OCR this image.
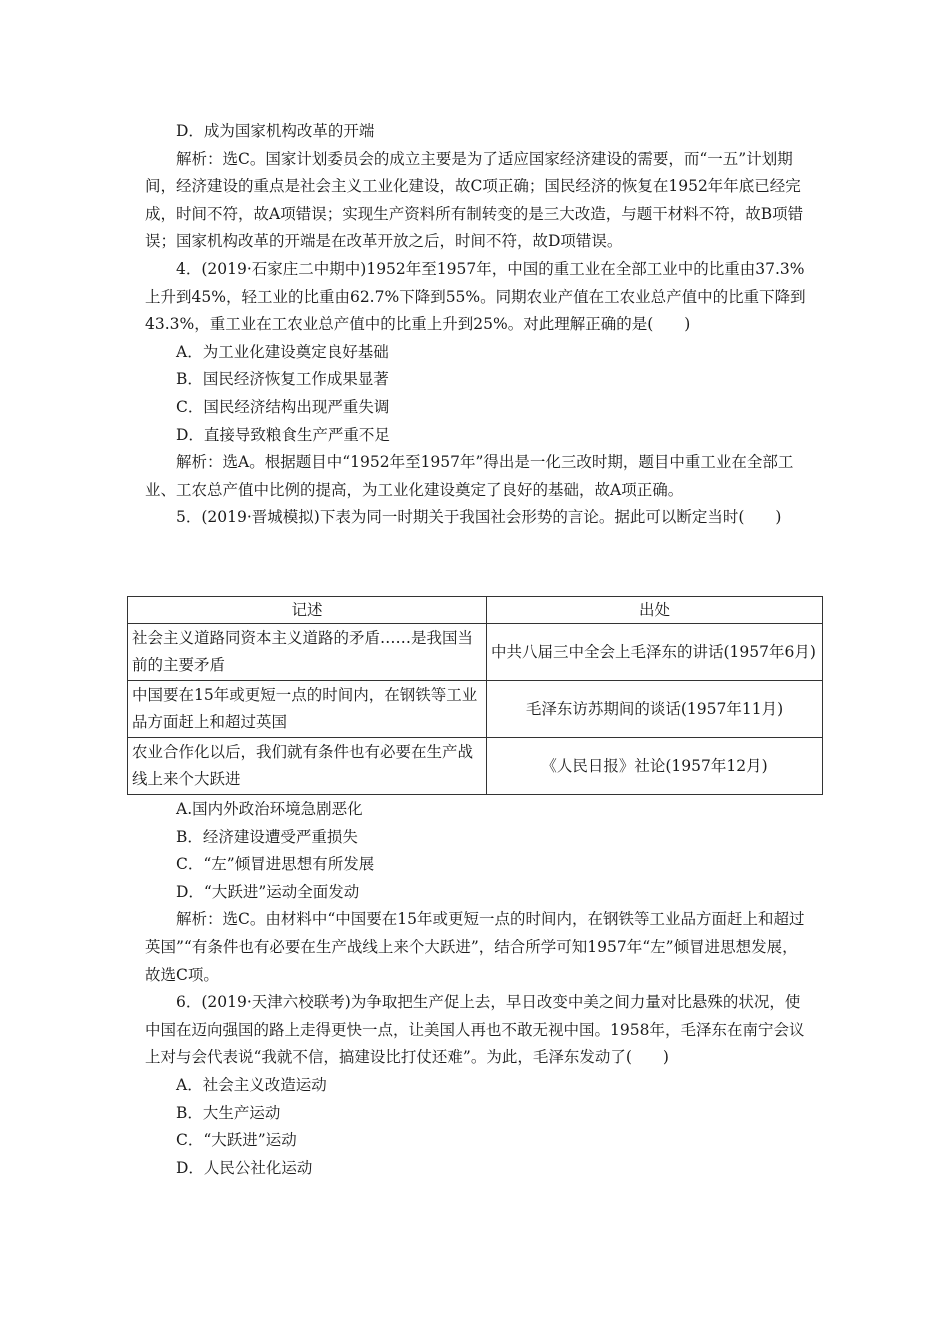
D．成为国家机构改革的开端

解析：选C。国家计划委员会的成立主要是为了适应国家经济建设的需要，而“一五”计划期间，经济建设的重点是社会主义工业化建设，故C项正确；国民经济的恢复在1952年年底已经完成，时间不符，故A项错误；实现生产资料所有制转变的是三大改造，与题干材料不符，故B项错误；国家机构改革的开端是在改革开放之后，时间不符，故D项错误。

4．(2019·石家庄二中期中)1952年至1957年，中国的重工业在全部工业中的比重由37.3% 上升到45%，轻工业的比重由62.7%下降到55%。同期农业产值在工农业总产值中的比重下降到43.3%，重工业在工农业总产值中的比重上升到25%。对此理解正确的是(　　)

A．为工业化建设奠定良好基础

B．国民经济恢复工作成果显著

C．国民经济结构出现严重失调

D．直接导致粮食生产严重不足

解析：选A。根据题目中“1952年至1957年”得出是一化三改时期，题目中重工业在全部工业、工农总产值中比例的提高，为工业化建设奠定了良好的基础，故A项正确。

5．(2019·晋城模拟)下表为同一时期关于我国社会形势的言论。据此可以断定当时(　　)

记述	出处
社会主义道路同资本主义道路的矛盾……是我国当前的主要矛盾	中共八届三中全会上毛泽东的讲话(1957年6月)
中国要在15年或更短一点的时间内，在钢铁等工业品方面赶上和超过英国	毛泽东访苏期间的谈话(1957年11月)
农业合作化以后，我们就有条件也有必要在生产战线上来个大跃进	《人民日报》社论(1957年12月)

A.国内外政治环境急剧恶化

B．经济建设遭受严重损失

C．“左”倾冒进思想有所发展

D．“大跃进”运动全面发动

解析：选C。由材料中“中国要在15年或更短一点的时间内，在钢铁等工业品方面赶上和超过英国”“有条件也有必要在生产战线上来个大跃进”，结合所学可知1957年“左”倾冒进思想发展，故选C项。

6．(2019·天津六校联考)为争取把生产促上去，早日改变中美之间力量对比悬殊的状况，使中国在迈向强国的路上走得更快一点，让美国人再也不敢无视中国。1958年，毛泽东在南宁会议上对与会代表说“我就不信，搞建设比打仗还难”。为此，毛泽东发动了(　　)

A．社会主义改造运动

B．大生产运动

C．“大跃进”运动

D．人民公社化运动
